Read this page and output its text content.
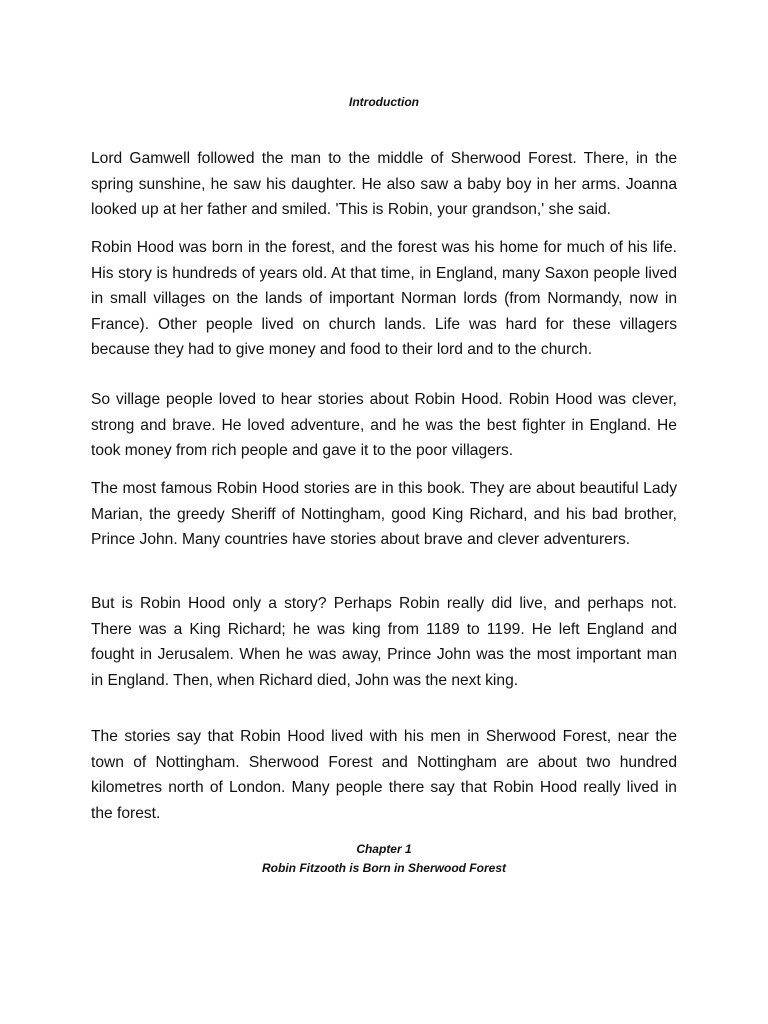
Introduction

Lord Gamwell followed the man to the middle of Sherwood Forest. There, in the spring sunshine, he saw his daughter. He also saw a baby boy in her arms. Joanna looked up at her father and smiled. 'This is Robin, your grandson,' she said.

Robin Hood was born in the forest, and the forest was his home for much of his life. His story is hundreds of years old. At that time, in England, many Saxon people lived in small villages on the lands of important Norman lords (from Normandy, now in France). Other people lived on church lands. Life was hard for these villagers because they had to give money and food to their lord and to the church.

So village people loved to hear stories about Robin Hood. Robin Hood was clever, strong and brave. He loved adventure, and he was the best fighter in England. He took money from rich people and gave it to the poor villagers.

The most famous Robin Hood stories are in this book. They are about beautiful Lady Marian, the greedy Sheriff of Nottingham, good King Richard, and his bad brother, Prince John. Many countries have stories about brave and clever adventurers.

But is Robin Hood only a story? Perhaps Robin really did live, and perhaps not. There was a King Richard; he was king from 1189 to 1199. He left England and fought in Jerusalem. When he was away, Prince John was the most important man in England. Then, when Richard died, John was the next king.

The stories say that Robin Hood lived with his men in Sherwood Forest, near the town of Nottingham. Sherwood Forest and Nottingham are about two hundred kilometres north of London. Many people there say that Robin Hood really lived in the forest.

Chapter 1
Robin Fitzooth is Born in Sherwood Forest
